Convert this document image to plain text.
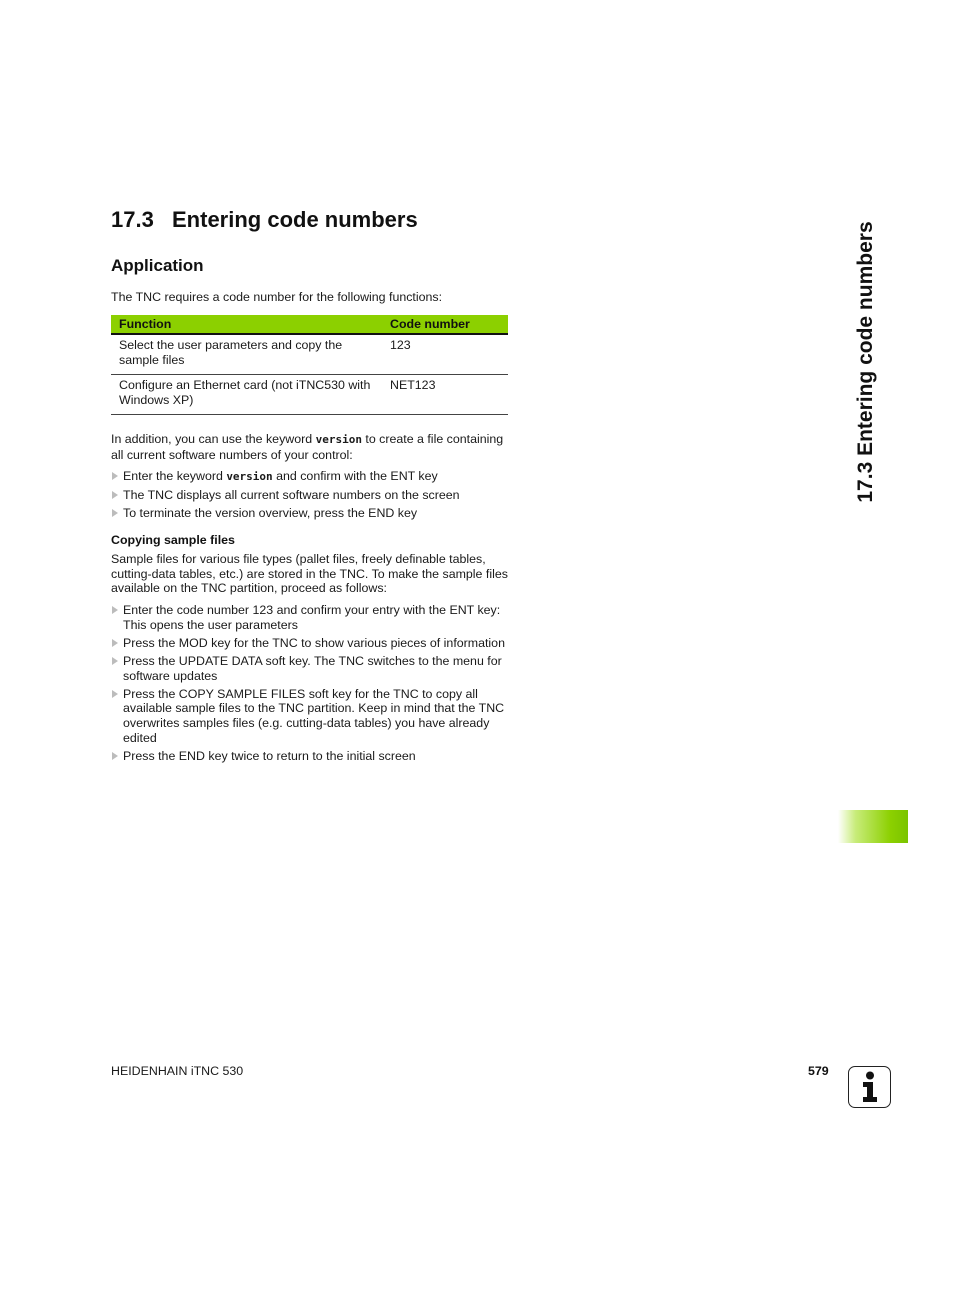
17.3 Entering code numbers
Application

The TNC requires a code number for the following functions:

Function	Code number
Select the user parameters and copy the sample files	123
Configure an Ethernet card (not iTNC530 with Windows XP)	NET123

In addition, you can use the keyword version to create a file containing all current software numbers of your control:

Enter the keyword version and confirm with the ENT key
The TNC displays all current software numbers on the screen
To terminate the version overview, press the END key
Copying sample files

Sample files for various file types (pallet files, freely definable tables, cutting-data tables, etc.) are stored in the TNC. To make the sample files available on the TNC partition, proceed as follows:

Enter the code number 123 and confirm your entry with the ENT key: This opens the user parameters
Press the MOD key for the TNC to show various pieces of information
Press the UPDATE DATA soft key. The TNC switches to the menu for software updates
Press the COPY SAMPLE FILES soft key for the TNC to copy all available sample files to the TNC partition. Keep in mind that the TNC overwrites samples files (e.g. cutting-data tables) you have already edited
Press the END key twice to return to the initial screen
17.3 Entering code numbers
HEIDENHAIN iTNC 530	579
